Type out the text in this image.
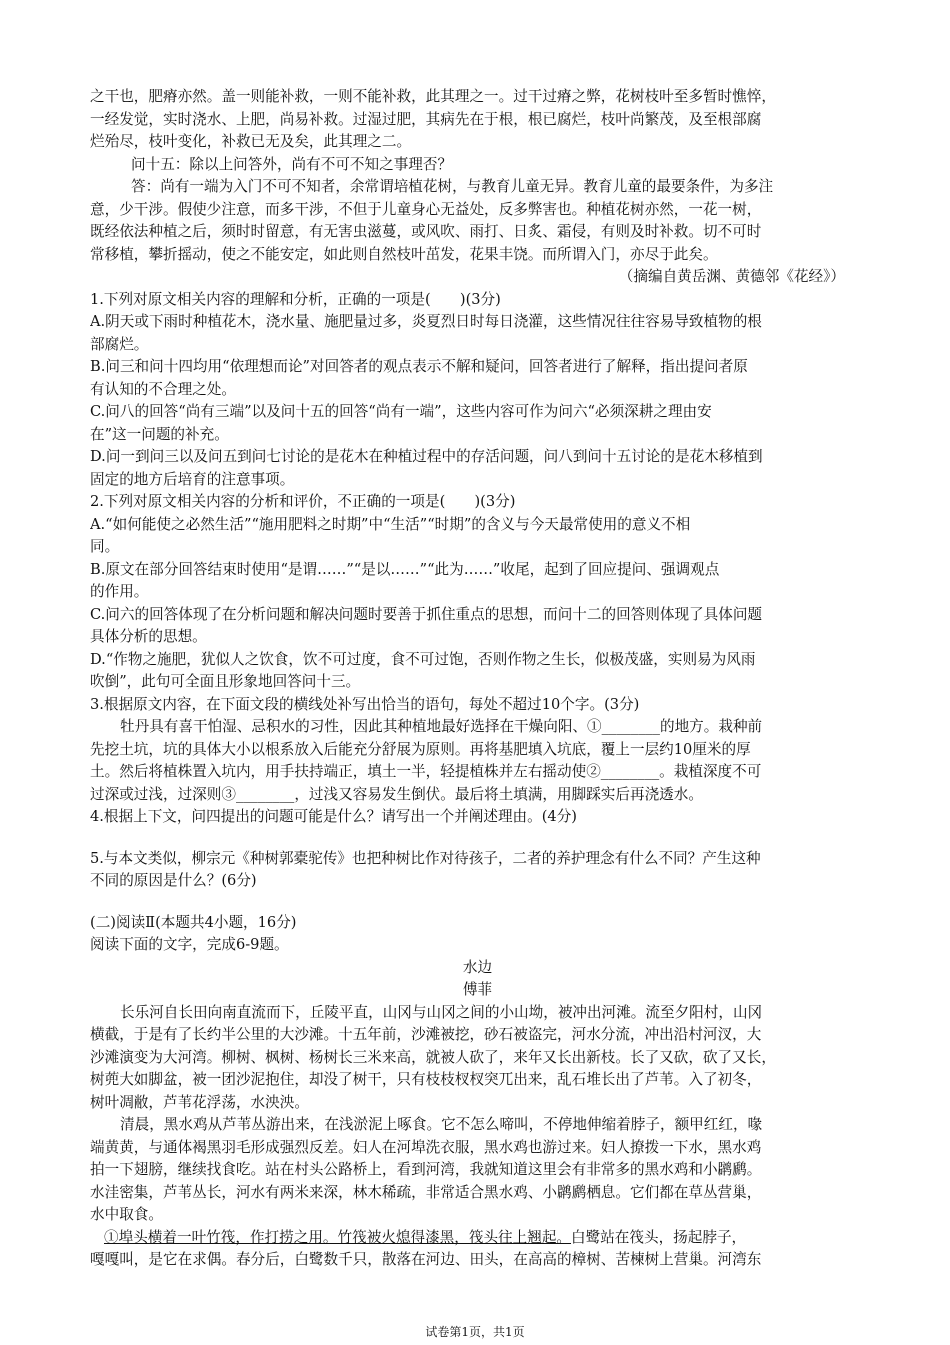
之干也，肥瘠亦然。盖一则能补救，一则不能补救，此其理之一。过干过瘠之弊，花树枝叶至多暂时憔悴，

一经发觉，实时浇水、上肥，尚易补救。过湿过肥，其病先在于根，根已腐烂，枝叶尚繁茂，及至根部腐

烂殆尽，枝叶变化，补救已无及矣，此其理之二。

问十五：除以上问答外，尚有不可不知之事理否？

答：尚有一端为入门不可不知者，余常谓培植花树，与教育儿童无异。教育儿童的最要条件，为多注

意，少干涉。假使少注意，而多干涉，不但于儿童身心无益处，反多弊害也。种植花树亦然，一花一树，

既经依法种植之后，须时时留意，有无害虫滋蔓，或风吹、雨打、日炙、霜侵，有则及时补救。切不可时

常移植，攀折摇动，使之不能安定，如此则自然枝叶茁发，花果丰饶。而所谓入门，亦尽于此矣。

（摘编自黄岳渊、黄德邻《花经》）

1.下列对原文相关内容的理解和分析，正确的一项是(　　)(3分)

A.阴天或下雨时种植花木，浇水量、施肥量过多，炎夏烈日时每日浇灌，这些情况往往容易导致植物的根

部腐烂。

B.问三和问十四均用“依理想而论”对回答者的观点表示不解和疑问，回答者进行了解释，指出提问者原

有认知的不合理之处。

C.问八的回答“尚有三端”以及问十五的回答“尚有一端”，这些内容可作为问六“必须深耕之理由安

在”这一问题的补充。

D.问一到问三以及问五到问七讨论的是花木在种植过程中的存活问题，问八到问十五讨论的是花木移植到

固定的地方后培育的注意事项。

2.下列对原文相关内容的分析和评价，不正确的一项是(　　)(3分)

A.“如何能使之必然生活”“施用肥料之时期”中“生活”“时期”的含义与今天最常使用的意义不相

同。

B.原文在部分回答结束时使用“是谓……”“是以……”“此为……”收尾，起到了回应提问、强调观点

的作用。

C.问六的回答体现了在分析问题和解决问题时要善于抓住重点的思想，而问十二的回答则体现了具体问题

具体分析的思想。

D.“作物之施肥，犹似人之饮食，饮不可过度，食不可过饱，否则作物之生长，似极茂盛，实则易为风雨

吹倒”，此句可全面且形象地回答问十三。

3.根据原文内容，在下面文段的横线处补写出恰当的语句，每处不超过10个字。(3分)

牡丹具有喜干怕湿、忌积水的习性，因此其种植地最好选择在干燥向阳、①________的地方。栽种前

先挖土坑，坑的具体大小以根系放入后能充分舒展为原则。再将基肥填入坑底，覆上一层约10厘米的厚

土。然后将植株置入坑内，用手扶持端正，填土一半，轻提植株并左右摇动使②________。栽植深度不可

过深或过浅，过深则③________，过浅又容易发生倒伏。最后将土填满，用脚踩实后再浇透水。

4.根据上下文，问四提出的问题可能是什么？请写出一个并阐述理由。(4分)

5.与本文类似，柳宗元《种树郭橐驼传》也把种树比作对待孩子，二者的养护理念有什么不同？产生这种

不同的原因是什么？(6分)

(二)阅读Ⅱ(本题共4小题，16分)

阅读下面的文字，完成6-9题。

水边

傅菲

长乐河自长田向南直流而下，丘陵平直，山冈与山冈之间的小山坳，被冲出河滩。流至夕阳村，山冈

横截，于是有了长约半公里的大沙滩。十五年前，沙滩被挖，砂石被盗完，河水分流，冲出沿村河汊，大

沙滩演变为大河湾。柳树、枫树、杨树长三米来高，就被人砍了，来年又长出新枝。长了又砍，砍了又长，

树蔸大如脚盆，被一团沙泥抱住，却没了树干，只有枝枝杈杈突兀出来，乱石堆长出了芦苇。入了初冬，

树叶凋敝，芦苇花浮荡，水泱泱。

清晨，黑水鸡从芦苇丛游出来，在浅淤泥上啄食。它不怎么啼叫，不停地伸缩着脖子，额甲红红，喙

端黄黄，与通体褐黑羽毛形成强烈反差。妇人在河埠洗衣服，黑水鸡也游过来。妇人撩拨一下水，黑水鸡

拍一下翅膀，继续找食吃。站在村头公路桥上，看到河湾，我就知道这里会有非常多的黑水鸡和小䴙䴘。

水洼密集，芦苇丛长，河水有两米来深，林木稀疏，非常适合黑水鸡、小䴙䴘栖息。它们都在草丛营巢，

水中取食。

①埠头横着一叶竹筏，作打捞之用。竹筏被火熄得漆黑，筏头往上翘起。白鹭站在筏头，扬起脖子，

嘎嘎叫，是它在求偶。春分后，白鹭数千只，散落在河边、田头，在高高的樟树、苦楝树上营巢。河湾东

试卷第1页，共1页
